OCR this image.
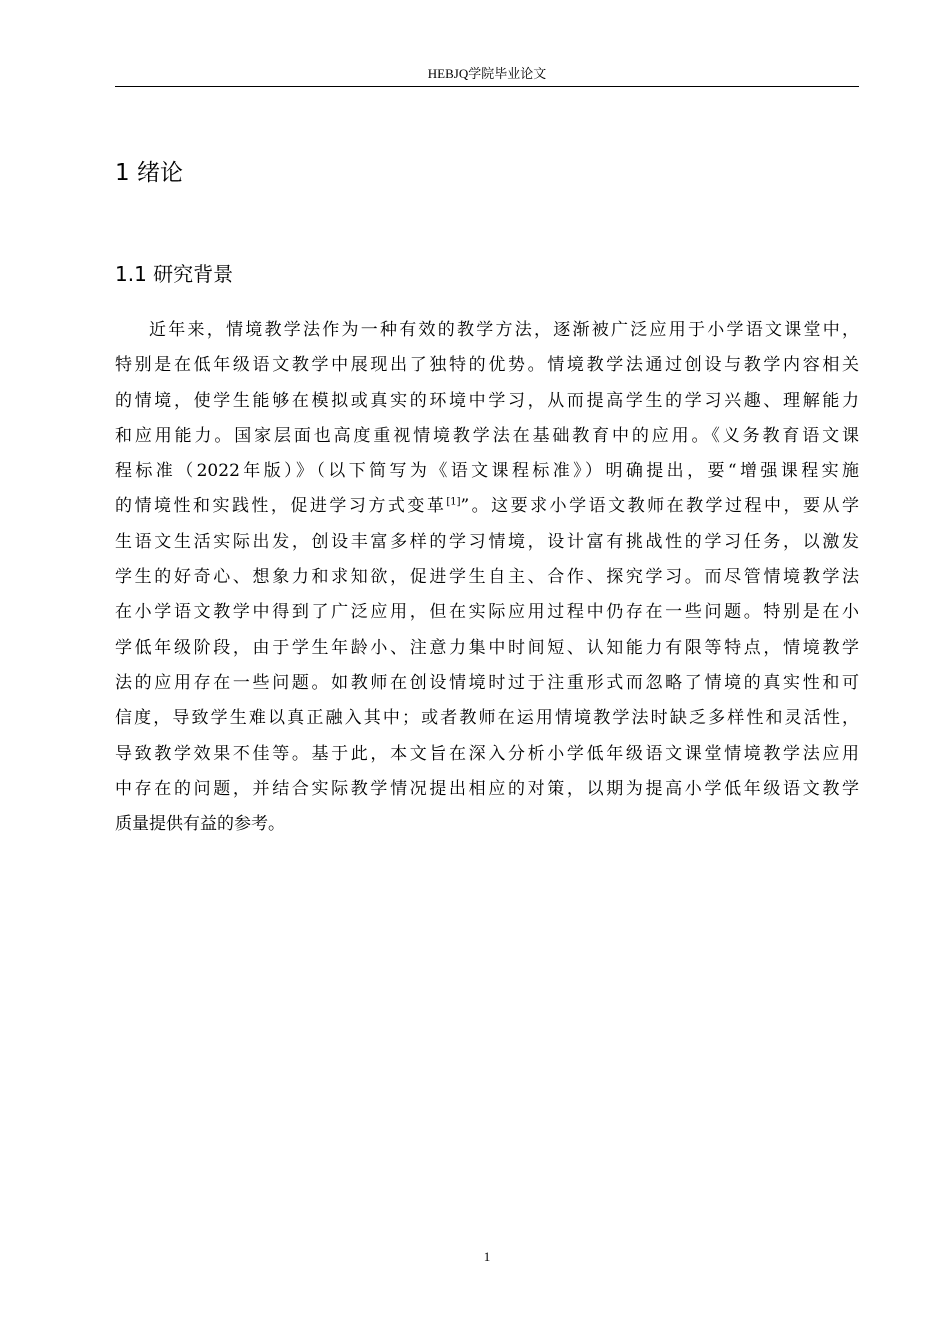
HEBJQ学院毕业论文
1 绪论
1.1 研究背景
近年来，情境教学法作为一种有效的教学方法，逐渐被广泛应用于小学语文课堂中，
特别是在低年级语文教学中展现出了独特的优势。情境教学法通过创设与教学内容相关
的情境，使学生能够在模拟或真实的环境中学习，从而提高学生的学习兴趣、理解能力
和应用能力。国家层面也高度重视情境教学法在基础教育中的应用。《义务教育语文课
程标准（2022年版）》（以下简写为《语文课程标准》）明确提出，要“增强课程实施
的情境性和实践性，促进学习方式变革[1]”。这要求小学语文教师在教学过程中，要从学
生语文生活实际出发，创设丰富多样的学习情境，设计富有挑战性的学习任务，以激发
学生的好奇心、想象力和求知欲，促进学生自主、合作、探究学习。而尽管情境教学法
在小学语文教学中得到了广泛应用，但在实际应用过程中仍存在一些问题。特别是在小
学低年级阶段，由于学生年龄小、注意力集中时间短、认知能力有限等特点，情境教学
法的应用存在一些问题。如教师在创设情境时过于注重形式而忽略了情境的真实性和可
信度，导致学生难以真正融入其中；或者教师在运用情境教学法时缺乏多样性和灵活性，
导致教学效果不佳等。基于此，本文旨在深入分析小学低年级语文课堂情境教学法应用
中存在的问题，并结合实际教学情况提出相应的对策，以期为提高小学低年级语文教学
质量提供有益的参考。
1
